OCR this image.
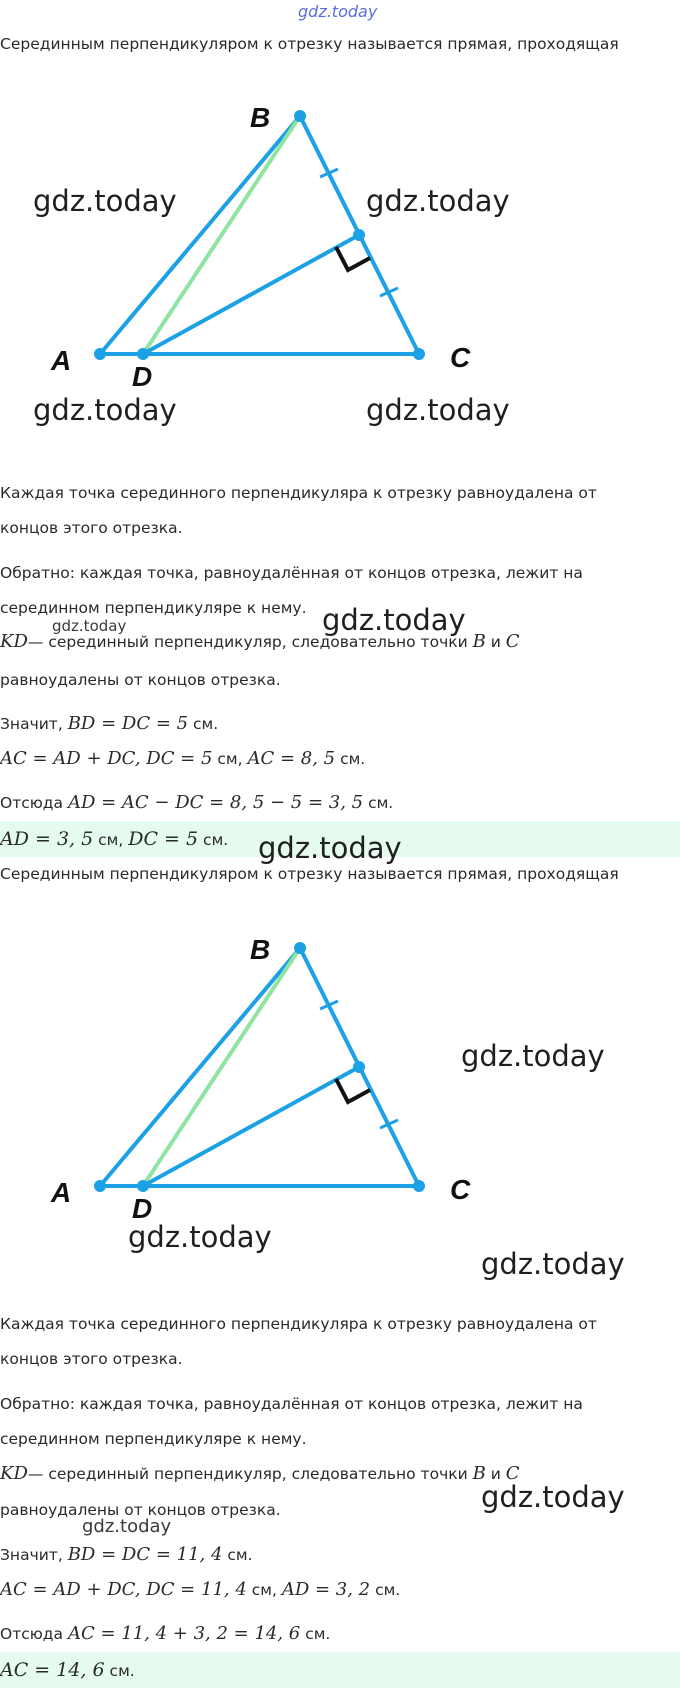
gdz.today
Серединным перпендикуляром к отрезку называется прямая, проходящая
B
A	C
D
gdz.today	gdz.today
gdz.today	gdz.today
Каждая точка серединного перпендикуляра к отрезку равноудалена от
концов этого отрезка.
Обратно: каждая точка, равноудалённая от концов отрезка, лежит на
серединном перпендикуляре к нему. gdz.today
gdz.today
KD— серединный перпендикуляр, следовательно точки B и C
равноудалены от концов отрезка.
Значит, BD = DC = 5 см.
AC = AD + DC, DC = 5 см, AC = 8, 5 см.
Отсюда AD = AC − DC = 8, 5 − 5 = 3, 5 см.
AD = 3, 5 см, DC = 5 см. gdz.today
Серединным перпендикуляром к отрезку называется прямая, проходящая
B
A	C
D
gdz.today
gdz.today
gdz.today
Каждая точка серединного перпендикуляра к отрезку равноудалена от
концов этого отрезка.
Обратно: каждая точка, равноудалённая от концов отрезка, лежит на
серединном перпендикуляре к нему.
KD— серединный перпендикуляр, следовательно точки B и C
gdz.today
равноудалены от концов отрезка.
gdz.today
Значит, BD = DC = 11, 4 см.
AC = AD + DC, DC = 11, 4 см, AD = 3, 2 см.
Отсюда AC = 11, 4 + 3, 2 = 14, 6 см.
AC = 14, 6 см.
